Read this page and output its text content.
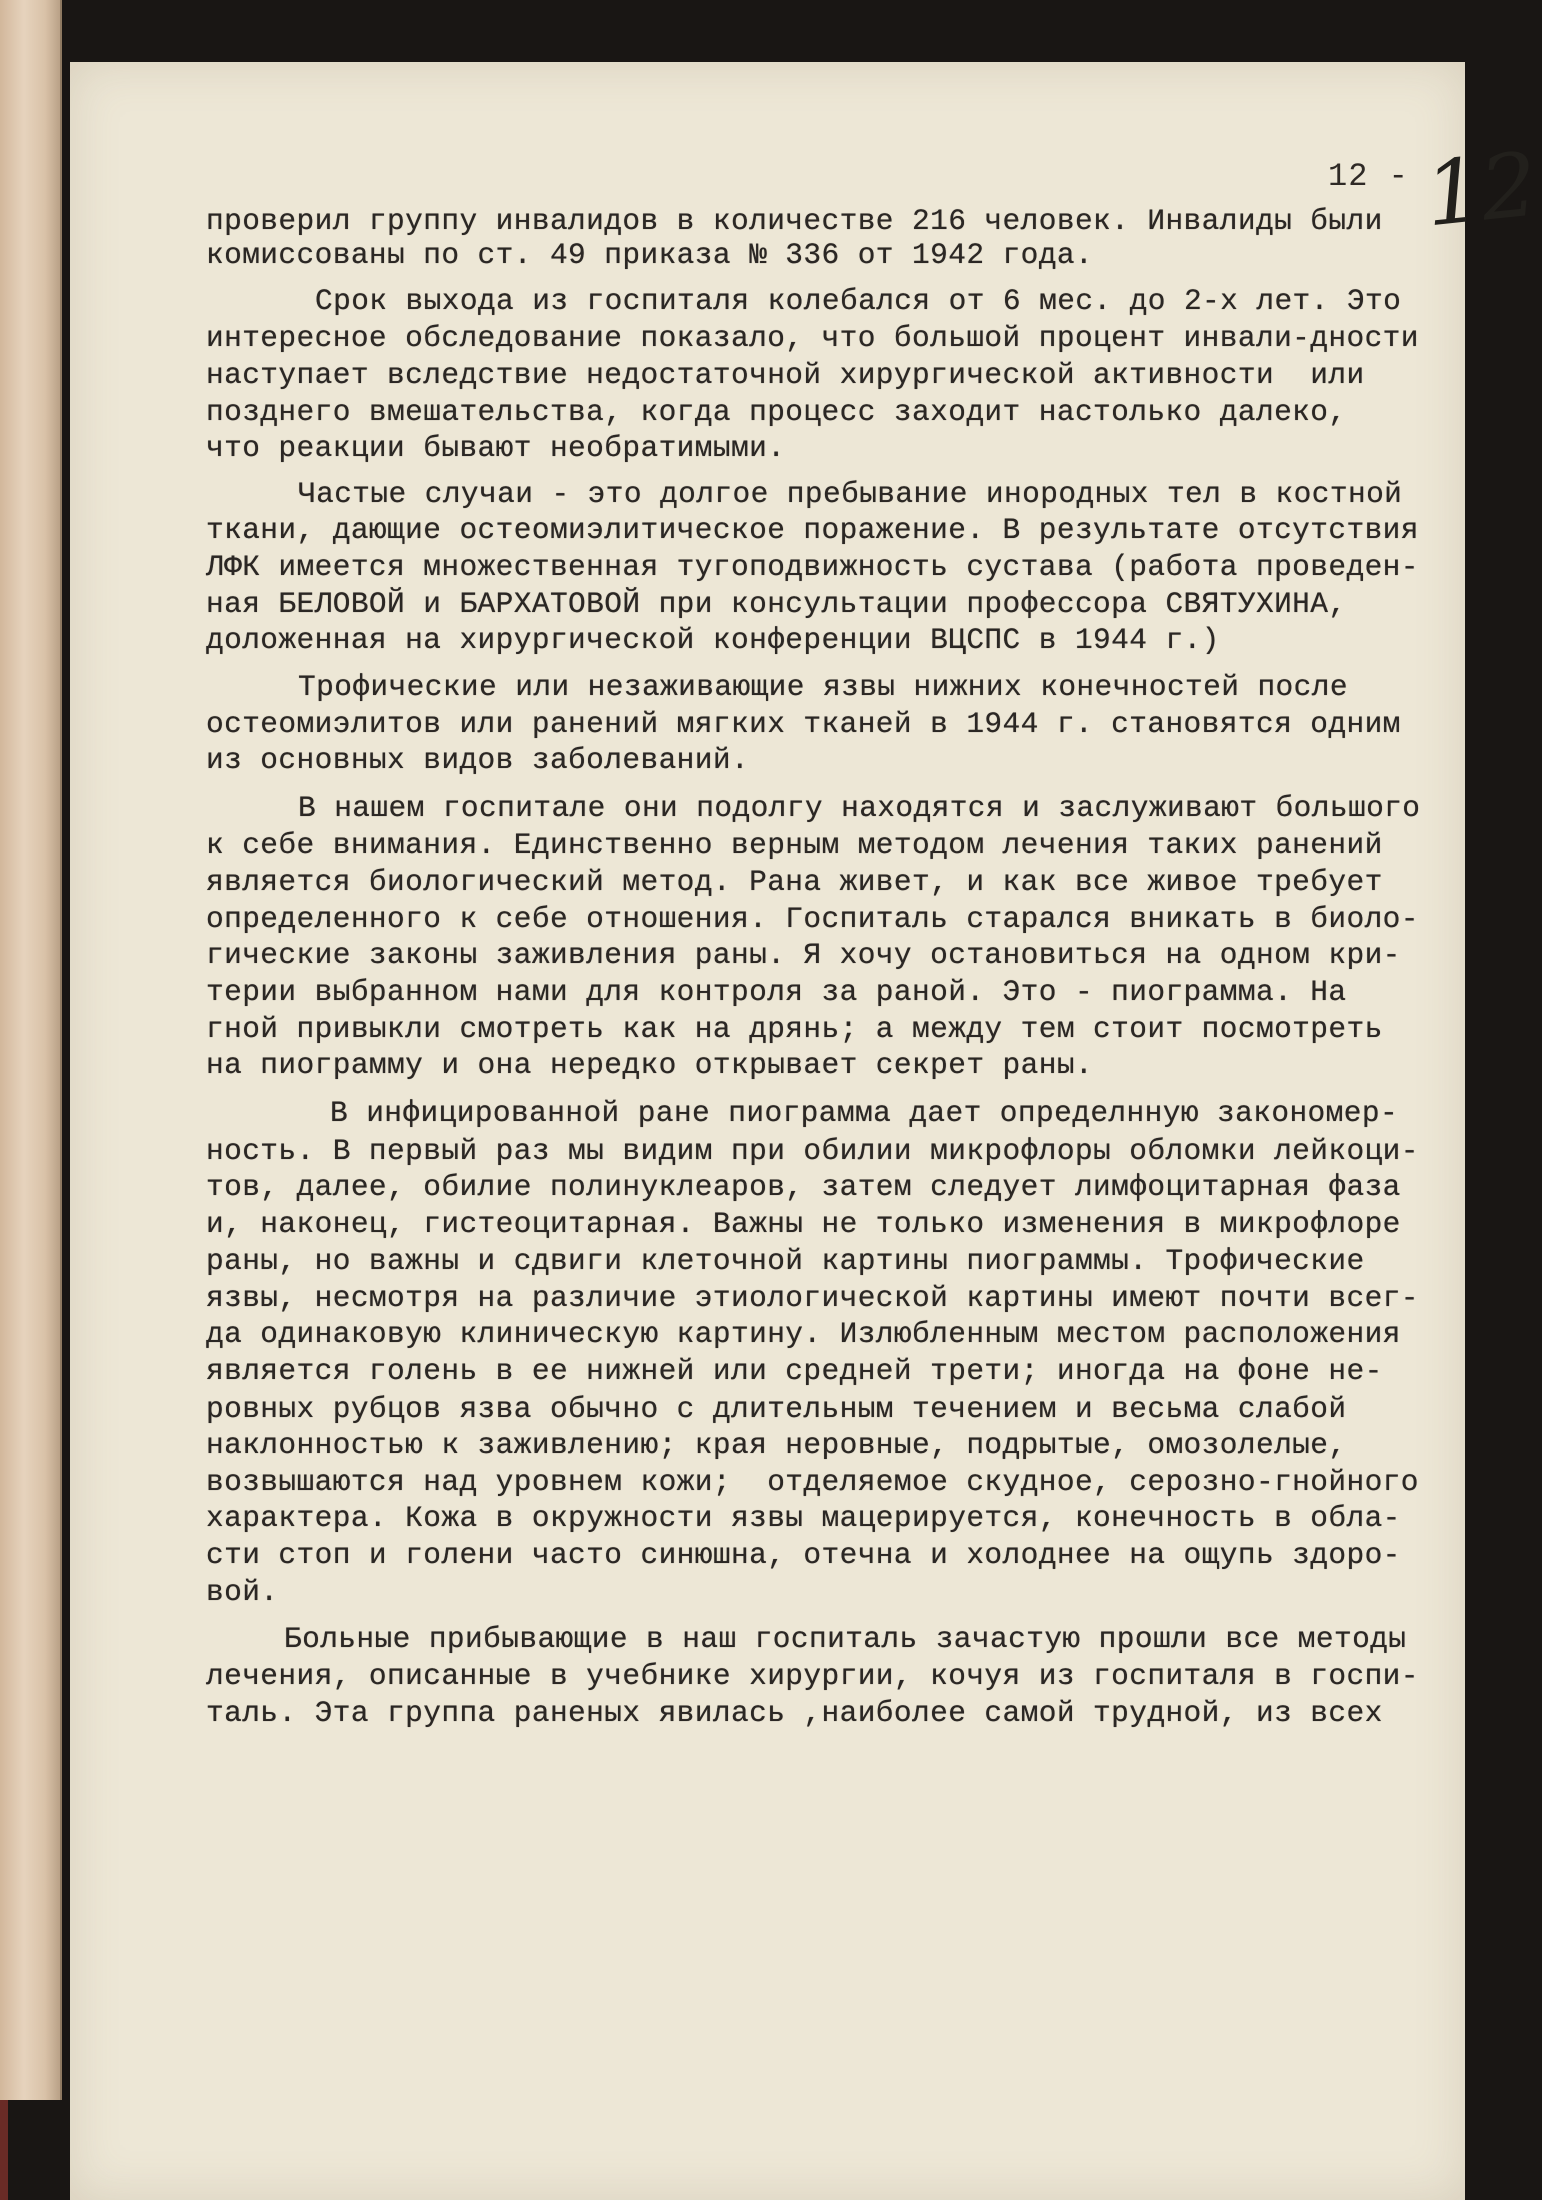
12 - 12
проверил группу инвалидов в количестве 216 человек. Инвалиды были
комиссованы по ст. 49 приказа № 336 от 1942 года.
Срок выхода из госпиталя колебался от 6 мес. до 2-х лет. Это
интересное обследование показало, что большой процент инвали-дности
наступает вследствие недостаточной хирургической активности  или
позднего вмешательства, когда процесс заходит настолько далеко,
что реакции бывают необратимыми.
Частые случаи - это долгое пребывание инородных тел в костной
ткани, дающие остеомиэлитическое поражение. В результате отсутствия
ЛФК имеется множественная тугоподвижность сустава (работа проведен-
ная БЕЛОВОЙ и БАРХАТОВОЙ при консультации профессора СВЯТУХИНА,
доложенная на хирургической конференции ВЦСПС в 1944 г.)
Трофические или незаживающие язвы нижних конечностей после
остеомиэлитов или ранений мягких тканей в 1944 г. становятся одним
из основных видов заболеваний.
В нашем госпитале они подолгу находятся и заслуживают большого
к себе внимания. Единственно верным методом лечения таких ранений
является биологический метод. Рана живет, и как все живое требует
определенного к себе отношения. Госпиталь старался вникать в биоло-
гические законы заживления раны. Я хочу остановиться на одном кри-
терии выбранном нами для контроля за раной. Это - пиограмма. На
гной привыкли смотреть как на дрянь; а между тем стоит посмотреть
на пиограмму и она нередко открывает секрет раны.
В инфицированной ране пиограмма дает определнную закономер-
ность. В первый раз мы видим при обилии микрофлоры обломки лейкоци-
тов, далее, обилие полинуклеаров, затем следует лимфоцитарная фаза
и, наконец, гистеоцитарная. Важны не только изменения в микрофлоре
раны, но важны и сдвиги клеточной картины пиограммы. Трофические
язвы, несмотря на различие этиологической картины имеют почти всег-
да одинаковую клиническую картину. Излюбленным местом расположения
является голень в ее нижней или средней трети; иногда на фоне не-
ровных рубцов язва обычно с длительным течением и весьма слабой
наклонностью к заживлению; края неровные, подрытые, омозолелые,
возвышаются над уровнем кожи;  отделяемое скудное, серозно-гнойного
характера. Кожа в окружности язвы мацерируется, конечность в обла-
сти стоп и голени часто синюшна, отечна и холоднее на ощупь здоро-
вой.
Больные прибывающие в наш госпиталь зачастую прошли все методы
лечения, описанные в учебнике хирургии, кочуя из госпиталя в госпи-
таль. Эта группа раненых явилась ,наиболее самой трудной, из всех
